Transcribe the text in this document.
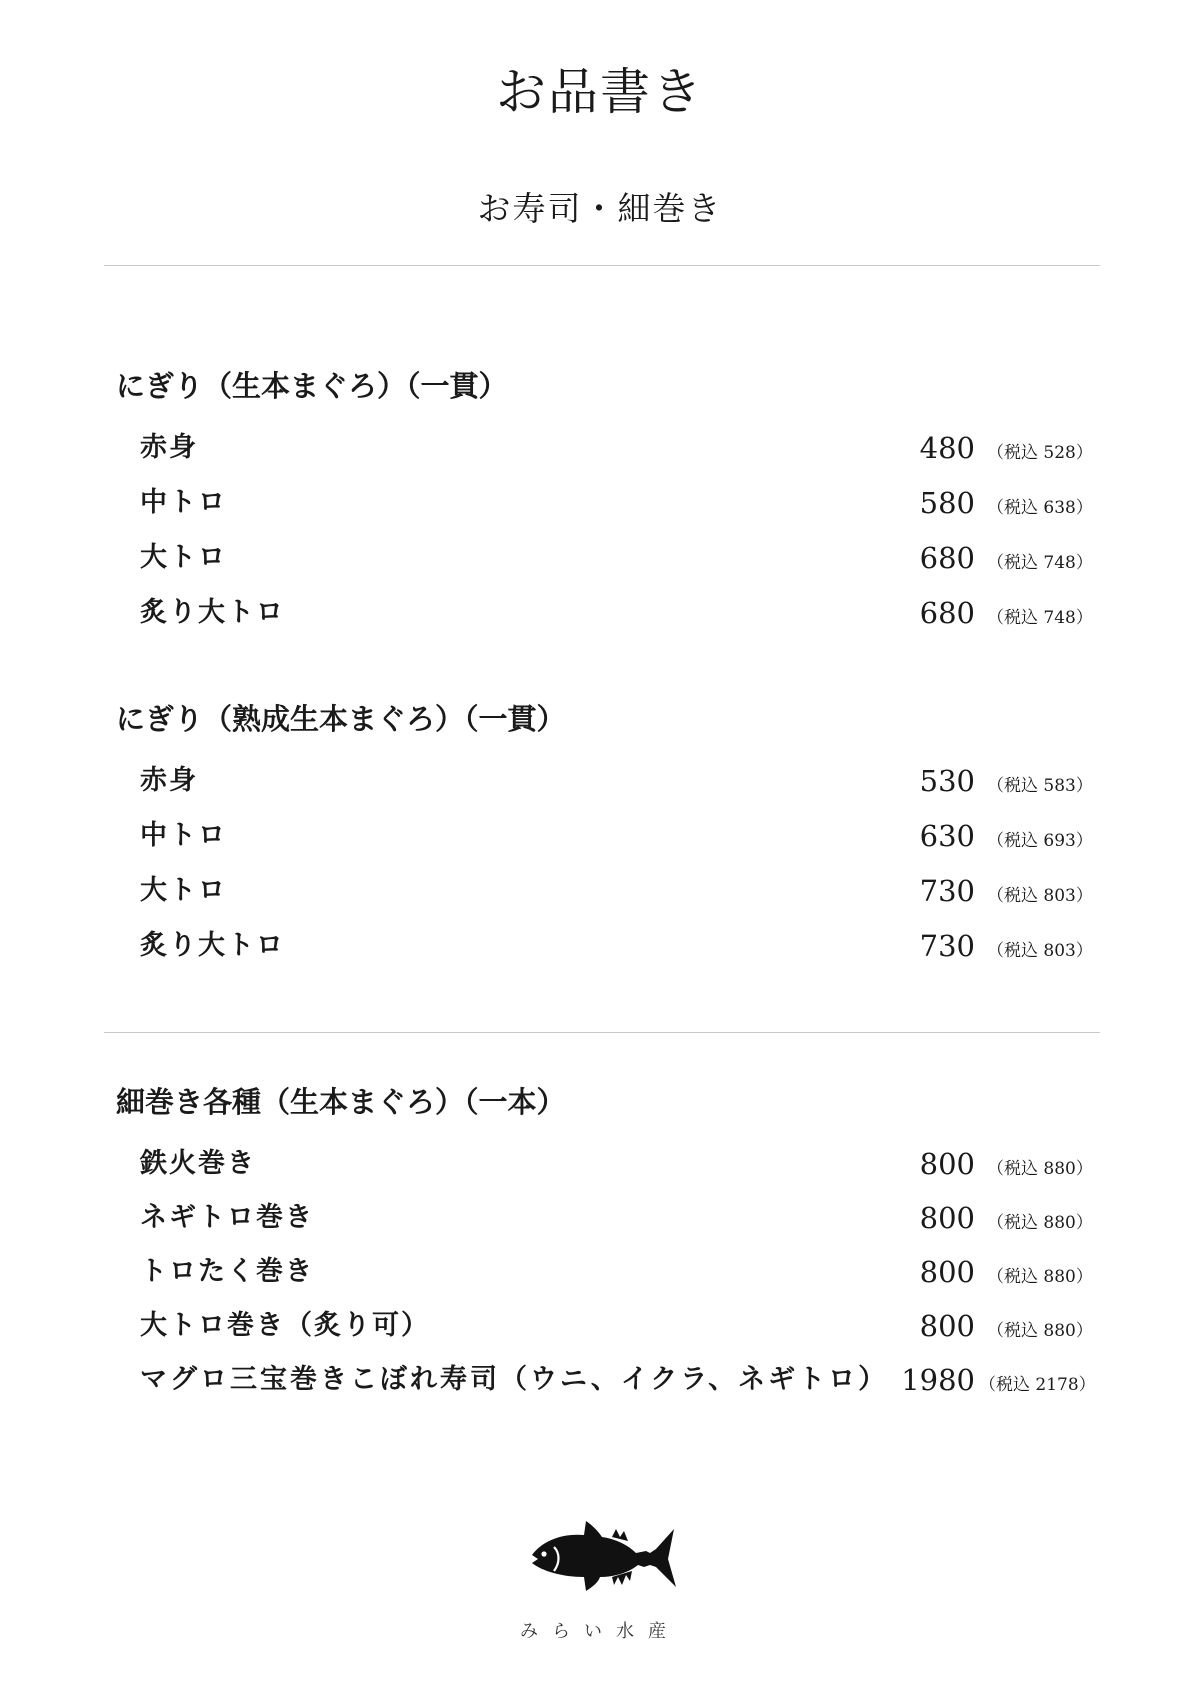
お品書き
お寿司・細巻き
にぎり（生本まぐろ）（一貫）
赤身	480 （税込 528）
中トロ	580 （税込 638）
大トロ	680 （税込 748）
炙り大トロ	680 （税込 748）
にぎり（熟成生本まぐろ）（一貫）
赤身	530 （税込 583）
中トロ	630 （税込 693）
大トロ	730 （税込 803）
炙り大トロ	730 （税込 803）
細巻き各種（生本まぐろ）（一本）
鉄火巻き	800 （税込 880）
ネギトロ巻き	800 （税込 880）
トロたく巻き	800 （税込 880）
大トロ巻き（炙り可）	800 （税込 880）
マグロ三宝巻きこぼれ寿司（ウニ、イクラ、ネギトロ） 1980 （税込 2178）
みらい水産
